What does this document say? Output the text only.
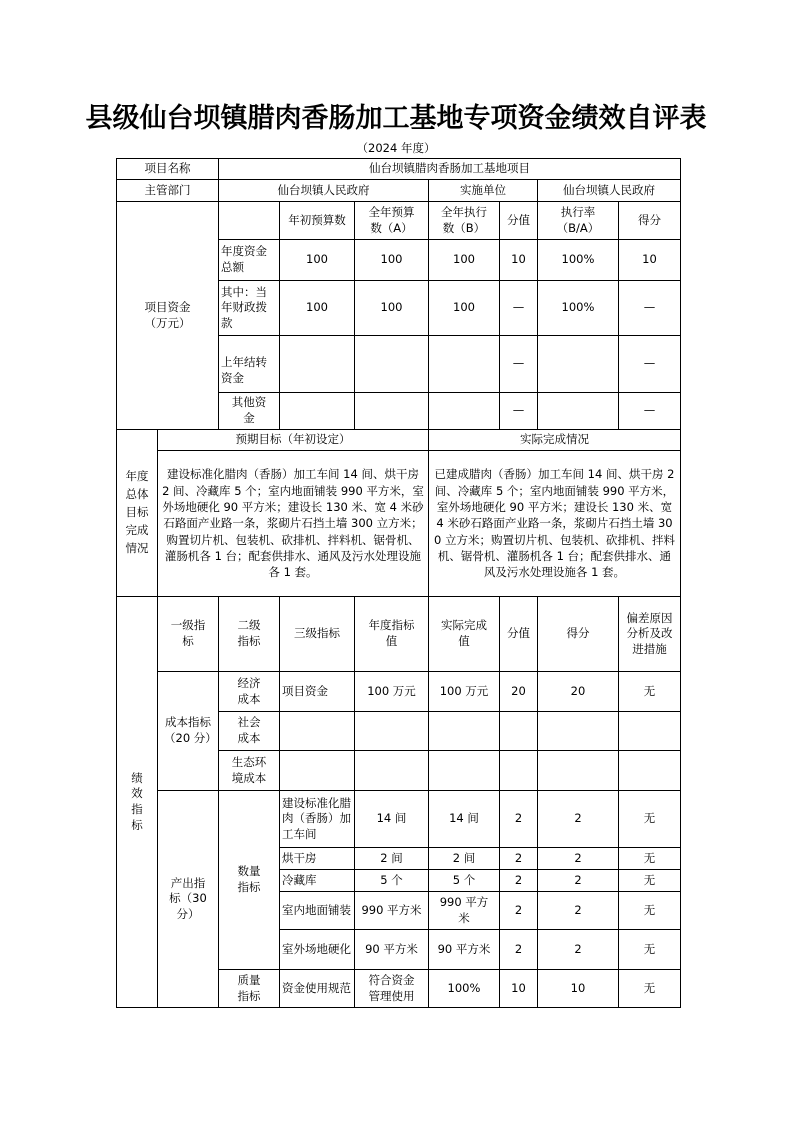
县级仙台坝镇腊肉香肠加工基地专项资金绩效自评表
（2024 年度）
项目名称		仙台坝镇腊肉香肠加工基地项目						
主管部门		仙台坝镇人民政府			实施单位		仙台坝镇人民政府	
项目资金（万元）			年初预算数	全年预算数（A）	全年执行数（B）	分值	执行率（B/A）	得分
		年度资金总额	100	100	100	10	100%	10
		其中：当年财政拨款	100	100	100	—	100%	—
		上年结转资金				—		—
		其他资金				—		—
年度总体目标完成情况	预期目标（年初设定）				实际完成情况			
	建设标准化腊肉（香肠）加工车间 14 间、烘干房 2 间、冷藏库 5 个；室内地面铺装 990 平方米，室外场地硬化 90 平方米；建设长 130 米、宽 4 米砂石路面产业路一条，浆砌片石挡土墙 300 立方米；购置切片机、包装机、砍排机、拌料机、锯骨机、灌肠机各 1 台；配套供排水、通风及污水处理设施各 1 套。				已建成腊肉（香肠）加工车间 14 间、烘干房 2 间、冷藏库 5 个；室内地面铺装 990 平方米，室外场地硬化 90 平方米；建设长 130 米、宽 4 米砂石路面产业路一条，浆砌片石挡土墙 300 立方米；购置切片机、包装机、砍排机、拌料机、锯骨机、灌肠机各 1 台；配套供排水、通风及污水处理设施各 1 套。			
绩效指标	一级指标	二级指标	三级指标	年度指标值	实际完成值	分值	得分	偏差原因分析及改进措施
	成本指标（20 分）	经济成本	项目资金	100 万元	100 万元	20	20	无
		社会成本						
		生态环境成本						
	产出指标（30 分）	数量指标	建设标准化腊肉（香肠）加工车间	14 间	14 间	2	2	无
			烘干房	2 间	2 间	2	2	无
			冷藏库	5 个	5 个	2	2	无
			室内地面铺装	990 平方米	990 平方米	2	2	无
			室外场地硬化	90 平方米	90 平方米	2	2	无
		质量指标	资金使用规范	符合资金管理使用	100%	10	10	无
